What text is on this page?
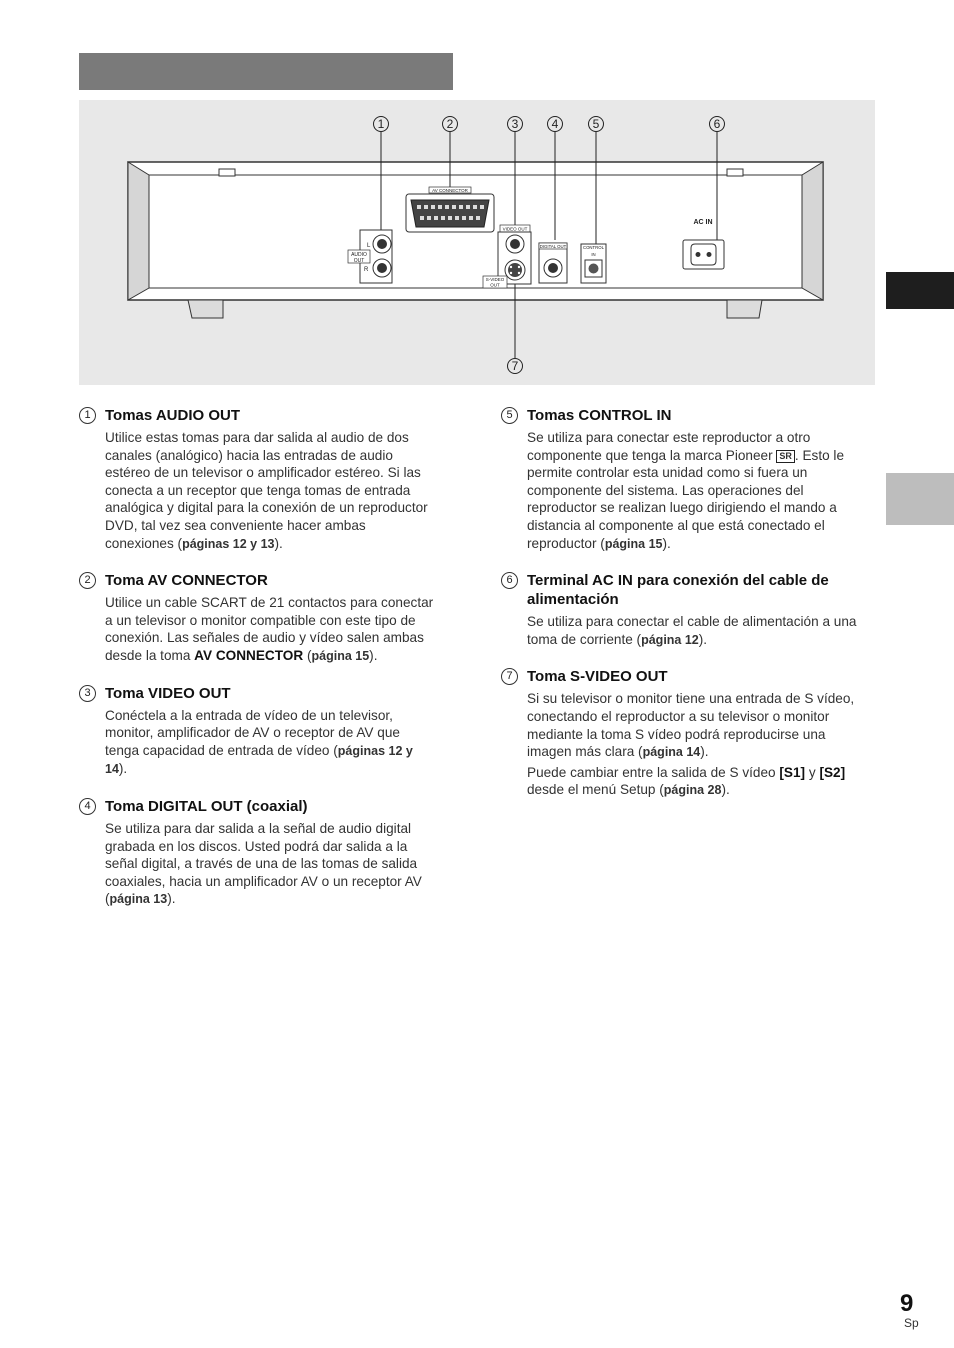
1	2	3	4	5	6
7
L
R
AUDIO
OUT
AV CONNECTOR
VIDEO OUT
S-VIDEO
OUT
DIGITAL OUT	CONTROL
IN
AC IN
1 Tomas AUDIO OUT

Utilice estas tomas para dar salida al audio de dos canales (analógico) hacia las entradas de audio estéreo de un televisor o amplificador estéreo. Si las conecta a un receptor que tenga tomas de entrada analógica y digital para la conexión de un reproductor DVD, tal vez sea conveniente hacer ambas conexiones (páginas 12 y 13).

2 Toma AV CONNECTOR

Utilice un cable SCART de 21 contactos para conectar a un televisor o monitor compatible con este tipo de conexión. Las señales de audio y vídeo salen ambas desde la toma AV CONNECTOR (página 15).

3 Toma VIDEO OUT

Conéctela a la entrada de vídeo de un televisor, monitor, amplificador de AV o receptor de AV que tenga capacidad de entrada de vídeo (páginas 12 y 14).

4 Toma DIGITAL OUT (coaxial)

Se utiliza para dar salida a la señal de audio digital grabada en los discos. Usted podrá dar salida a la señal digital, a través de una de las tomas de salida coaxiales, hacia un amplificador AV o un receptor AV (página 13).

5 Tomas CONTROL IN

Se utiliza para conectar este reproductor a otro componente que tenga la marca Pioneer SR . Esto le permite controlar esta unidad como si fuera un componente del sistema. Las operaciones del reproductor se realizan luego dirigiendo el mando a distancia al componente al que está conectado el reproductor (página 15).

6 Terminal AC IN para conexión del cable de alimentación

Se utiliza para conectar el cable de alimentación a una toma de corriente (página 12).

7 Toma S-VIDEO OUT

Si su televisor o monitor tiene una entrada de S vídeo, conectando el reproductor a su televisor o monitor mediante la toma S vídeo podrá reproducirse una imagen más clara (página 14).

Puede cambiar entre la salida de S vídeo [S1] y [S2] desde el menú Setup (página 28).

9
Sp
